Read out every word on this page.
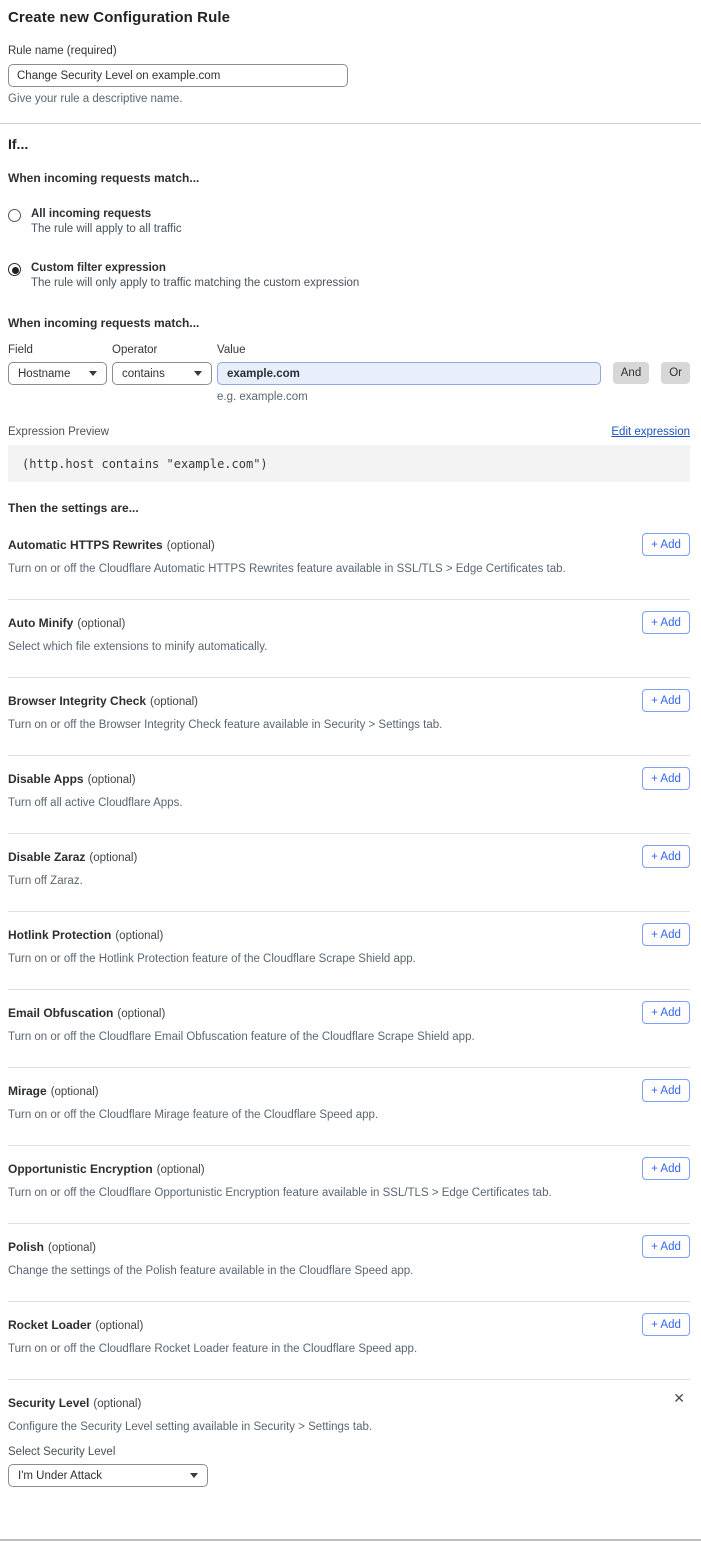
Create new Configuration Rule
Rule name (required)
Change Security Level on example.com
Give your rule a descriptive name.
If...
When incoming requests match...
All incoming requests
The rule will apply to all traffic
Custom filter expression
The rule will only apply to traffic matching the custom expression
When incoming requests match...
Field
Hostname
Operator
contains
Value
example.com
And	Or
e.g. example.com
Expression Preview	Edit expression
(http.host contains "example.com")
Then the settings are...
Automatic HTTPS Rewrites (optional)

Turn on or off the Cloudflare Automatic HTTPS Rewrites feature available in SSL/TLS > Edge Certificates tab.

+ Add
Auto Minify (optional)

Select which file extensions to minify automatically.

+ Add
Browser Integrity Check (optional)

Turn on or off the Browser Integrity Check feature available in Security > Settings tab.

+ Add
Disable Apps (optional)

Turn off all active Cloudflare Apps.

+ Add
Disable Zaraz (optional)

Turn off Zaraz.

+ Add
Hotlink Protection (optional)

Turn on or off the Hotlink Protection feature of the Cloudflare Scrape Shield app.

+ Add
Email Obfuscation (optional)

Turn on or off the Cloudflare Email Obfuscation feature of the Cloudflare Scrape Shield app.

+ Add
Mirage (optional)

Turn on or off the Cloudflare Mirage feature of the Cloudflare Speed app.

+ Add
Opportunistic Encryption (optional)

Turn on or off the Cloudflare Opportunistic Encryption feature available in SSL/TLS > Edge Certificates tab.

+ Add
Polish (optional)

Change the settings of the Polish feature available in the Cloudflare Speed app.

+ Add
Rocket Loader (optional)

Turn on or off the Cloudflare Rocket Loader feature in the Cloudflare Speed app.

+ Add
Security Level (optional)

Configure the Security Level setting available in Security > Settings tab.

✕
Select Security Level
I'm Under Attack
